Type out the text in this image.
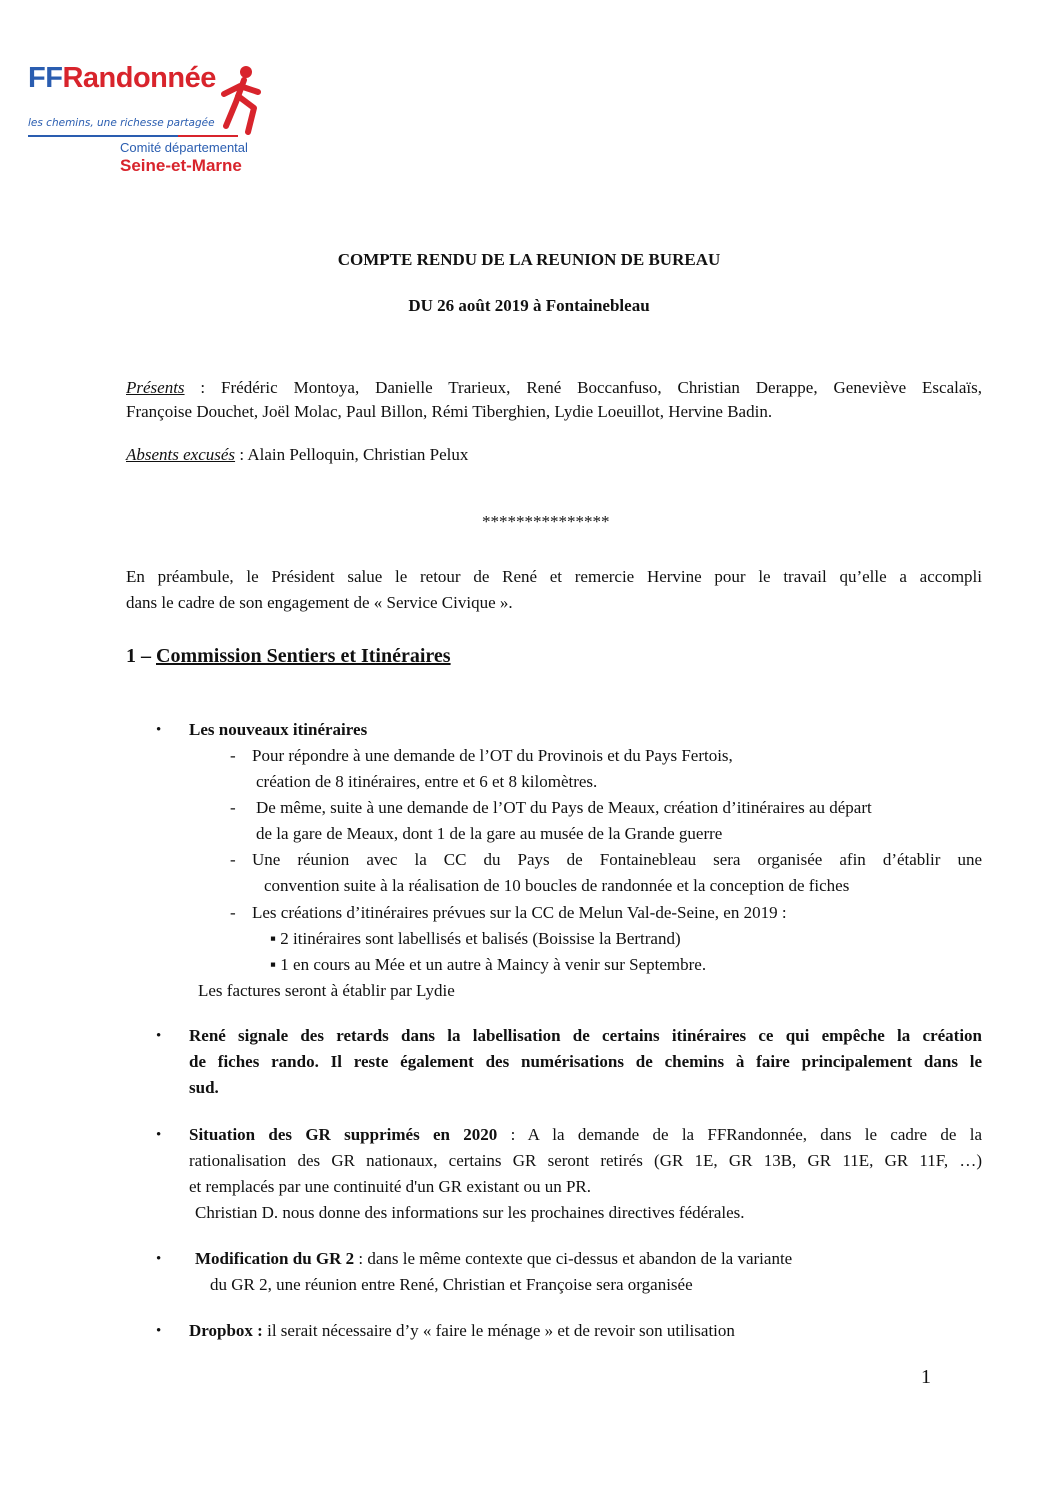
FFRandonnée
les chemins, une richesse partagée
Comité départemental
Seine-et-Marne
COMPTE RENDU DE LA REUNION DE BUREAU
DU 26 août 2019 à Fontainebleau
Présents : Frédéric Montoya, Danielle Trarieux, René Boccanfuso, Christian Derappe, Geneviève Escalaïs,
Françoise Douchet, Joël Molac, Paul Billon, Rémi Tiberghien, Lydie Loeuillot, Hervine Badin.
Absents excusés : Alain Pelloquin, Christian Pelux
***************
En préambule, le Président salue le retour de René et remercie Hervine pour le travail qu’elle a accompli
dans le cadre de son engagement de « Service Civique ».
1 – Commission Sentiers et Itinéraires
• Les nouveaux itinéraires
- Pour répondre à une demande de l’OT du Provinois et du Pays Fertois,
création de 8 itinéraires, entre et 6 et 8 kilomètres.
- De même, suite à une demande de l’OT du Pays de Meaux, création d’itinéraires au départ
de la gare de Meaux, dont 1 de la gare au musée de la Grande guerre
- Une réunion avec la CC du Pays de Fontainebleau sera organisée afin d’établir une
convention suite à la réalisation de 10 boucles de randonnée et la conception de fiches
- Les créations d’itinéraires prévues sur la CC de Melun Val-de-Seine, en 2019 :
▪ 2 itinéraires sont labellisés et balisés (Boissise la Bertrand)
▪ 1 en cours au Mée et un autre à Maincy à venir sur Septembre.
Les factures seront à établir par Lydie
• René signale des retards dans la labellisation de certains itinéraires ce qui empêche la création
de fiches rando. Il reste également des numérisations de chemins à faire principalement dans le
sud.
• Situation des GR supprimés en 2020 : A la demande de la FFRandonnée, dans le cadre de la
rationalisation des GR nationaux, certains GR seront retirés (GR 1E, GR 13B, GR 11E, GR 11F, …)
et remplacés par une continuité d'un GR existant ou un PR.
Christian D. nous donne des informations sur les prochaines directives fédérales.
• Modification du GR 2 : dans le même contexte que ci-dessus et abandon de la variante
du GR 2, une réunion entre René, Christian et Françoise sera organisée
• Dropbox : il serait nécessaire d’y « faire le ménage » et de revoir son utilisation
1
